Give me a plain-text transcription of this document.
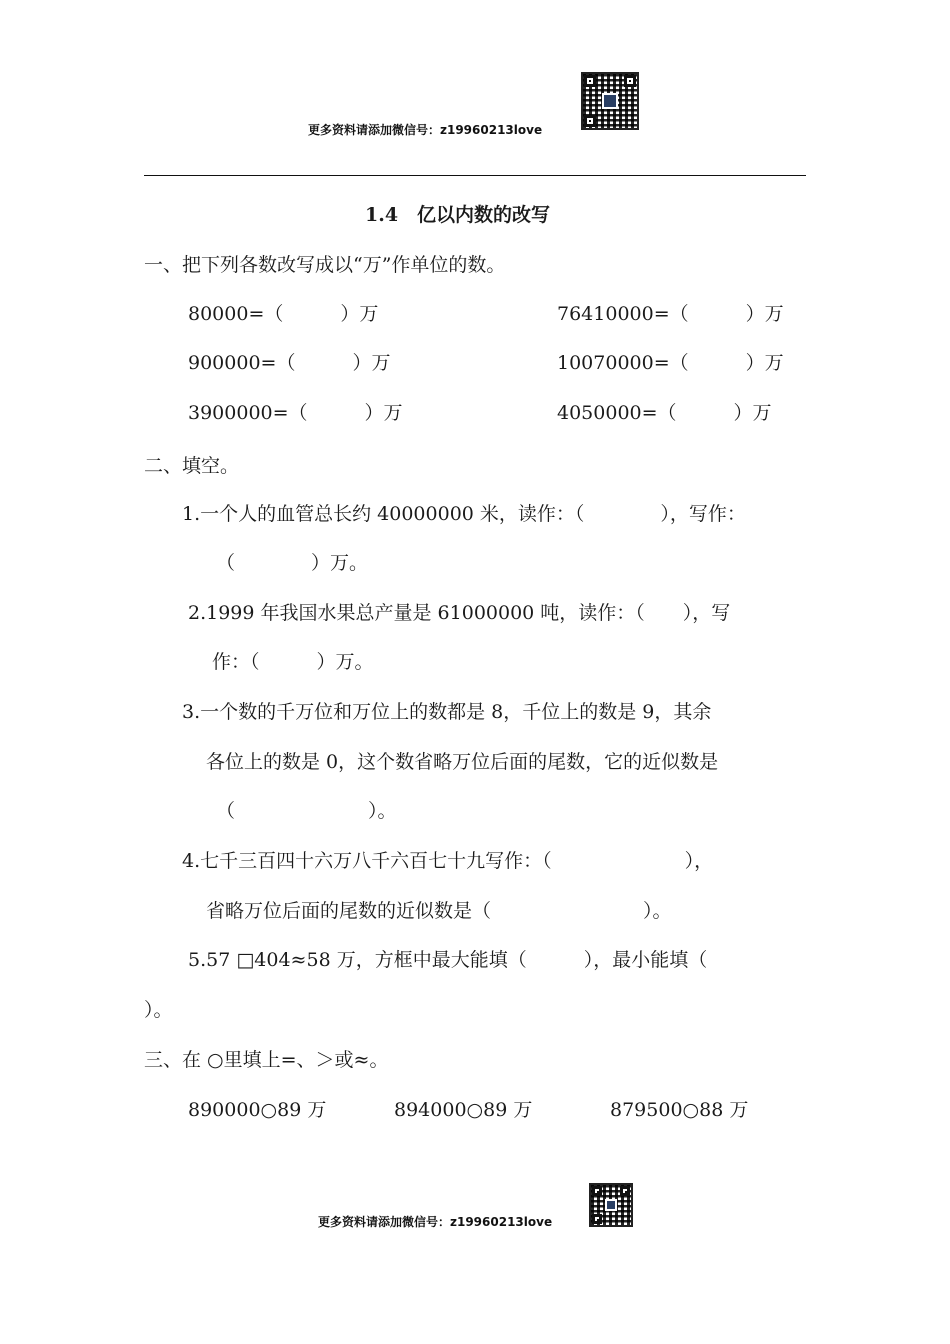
更多资料请添加微信号：z19960213love
1.4　亿以内数的改写
一、把下列各数改写成以“万”作单位的数。
80000=（　　　）万	76410000=（　　　）万
900000=（　　　）万	10070000=（　　　）万
3900000=（　　　）万	4050000=（　　　）万
二、填空。
1.一个人的血管总长约 40000000 米，读作：（　　　　），写作：
（　　　　）万。
2.1999 年我国水果总产量是 61000000 吨，读作：（　　），写
作：（　　　）万。
3.一个数的千万位和万位上的数都是 8，千位上的数是 9，其余
各位上的数是 0，这个数省略万位后面的尾数，它的近似数是
（　　　　　　　）。
4.七千三百四十六万八千六百七十九写作：（　　　　　　　），
省略万位后面的尾数的近似数是（　　　　　　　　）。
5.57 □404≈58 万，方框中最大能填（　　　），最小能填（
）。
三、在 ○里填上=、＞或≈。
890000○89 万	894000○89 万	879500○88 万
更多资料请添加微信号：z19960213love
